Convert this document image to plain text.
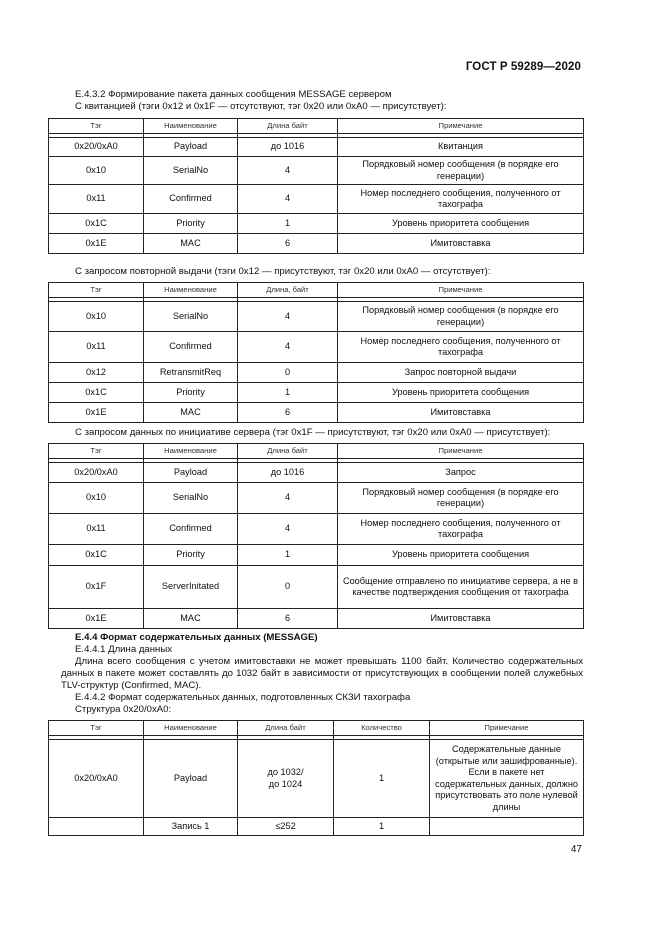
ГОСТ Р 59289—2020
Е.4.3.2 Формирование пакета данных сообщения MESSAGE сервером
С квитанцией (тэги 0x12 и 0x1F — отсутствуют, тэг 0x20 или 0xA0 — присутствует):
Тэг	Наименование	Длина байт	Примечание

0x20/0xA0	Payload	до 1016	Квитанция
0x10	SerialNo	4	Порядковый номер сообщения (в порядке его генерации)
0x11	Confirmed	4	Номер последнего сообщения, полученного от тахографа
0x1C	Priority	1	Уровень приоритета сообщения
0x1E	MAC	6	Имитовставка
С запросом повторной выдачи (тэги 0x12 — присутствуют, тэг 0x20 или 0xA0 — отсутствует):
Тэг	Наименование	Длина, байт	Примечание

0x10	SerialNo	4	Порядковый номер сообщения (в порядке его генерации)
0x11	Confirmed	4	Номер последнего сообщения, полученного от тахографа
0x12	RetransmitReq	0	Запрос повторной выдачи
0x1C	Priority	1	Уровень приоритета сообщения
0x1E	MAC	6	Имитовставка
С запросом данных по инициативе сервера (тэг 0x1F — присутствуют, тэг 0x20 или 0xA0 — присутствует):
Тэг	Наименование	Длина байт	Примечание

0x20/0xA0	Payload	до 1016	Запрос
0x10	SerialNo	4	Порядковый номер сообщения (в порядке его генерации)
0x11	Confirmed	4	Номер последнего сообщения, полученного от тахографа
0x1C	Priority	1	Уровень приоритета сообщения
0x1F	ServerInitated	0	Сообщение отправлено по инициативе сервера, а не в качестве подтверждения сообщения от тахографа
0x1E	MAC	6	Имитовставка
Е.4.4 Формат содержательных данных (MESSAGE)
Е.4.4.1 Длина данных
Длина всего сообщения с учетом имитовставки не может превышать 1100 байт. Количество содержательных данных в пакете может составлять до 1032 байт в зависимости от присутствующих в сообщении полей служебных TLV-структур (Confirmed, MAC).
Е.4.4.2 Формат содержательных данных, подготовленных СКЗИ тахографа
Структура 0x20/0xA0:
Тэг	Наименование	Длина байт	Количество	Примечание

0x20/0xA0	Payload	до 1032/
до 1024	1	Содержательные данные (открытые или зашифрованные). Если в пакете нет содержательных данных, должно присутствовать это поле нулевой длины
	Запись 1	≤252	1	
47
